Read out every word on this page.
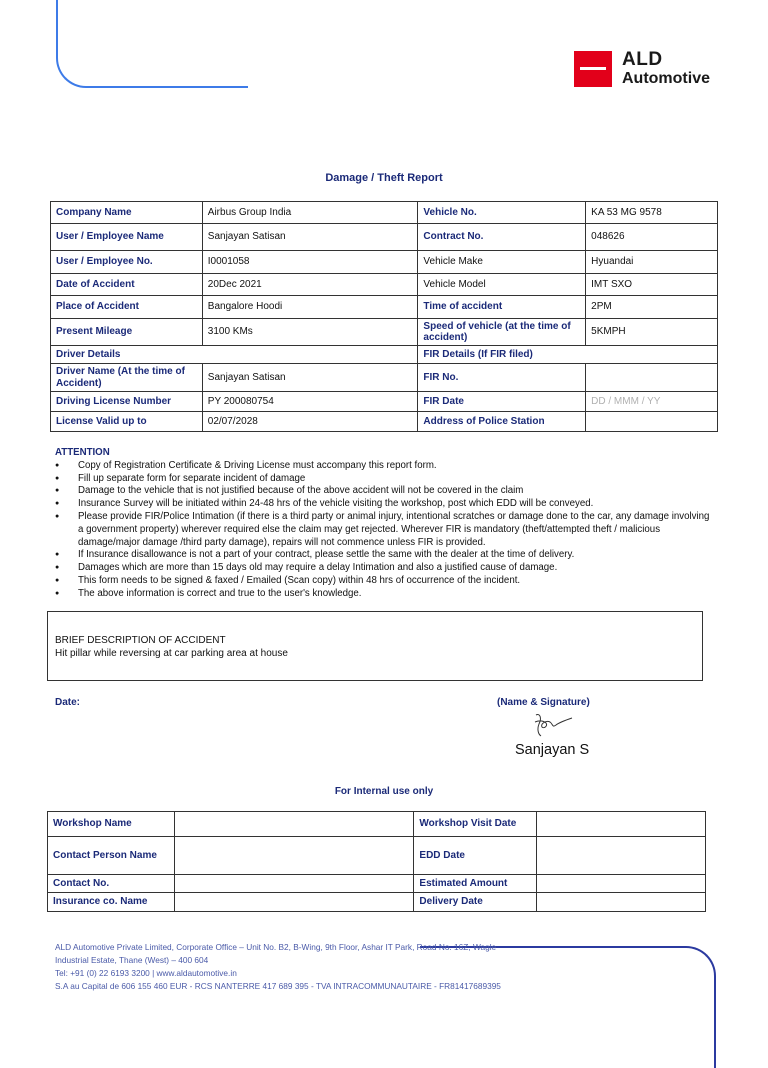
ALD
Automotive
Damage / Theft Report
Company Name	Airbus Group India	Vehicle No.	KA 53 MG 9578
User / Employee Name	Sanjayan Satisan	Contract No.	048626
User / Employee No.	I0001058	Vehicle Make	Hyuandai
Date of Accident	20Dec 2021	Vehicle Model	IMT SXO
Place of Accident	Bangalore Hoodi	Time of accident	2PM
Present Mileage	3100 KMs	Speed of vehicle (at the time of accident)	5KMPH
Driver Details		FIR Details (If FIR filed)	
Driver Name (At the time of Accident)	Sanjayan Satisan	FIR No.	
Driving License Number	PY 200080754	FIR Date	DD / MMM / YY
License Valid up to	02/07/2028	Address of Police Station	
ATTENTION
● Copy of Registration Certificate & Driving License must accompany this report form.
● Fill up separate form for separate incident of damage
● Damage to the vehicle that is not justified because of the above accident will not be covered in the claim
● Insurance Survey will be initiated within 24-48 hrs of the vehicle visiting the workshop, post which EDD will be conveyed.
● Please provide FIR/Police Intimation (if there is a third party or animal injury, intentional scratches or damage done to the car, any damage involving a government property) wherever required else the claim may get rejected. Wherever FIR is mandatory (theft/attempted theft / malicious damage/major damage /third party damage), repairs will not commence unless FIR is provided.
● If Insurance disallowance is not a part of your contract, please settle the same with the dealer at the time of delivery.
● Damages which are more than 15 days old may require a delay Intimation and also a justified cause of damage.
● This form needs to be signed & faxed / Emailed (Scan copy) within 48 hrs of occurrence of the incident.
● The above information is correct and true to the user's knowledge.
BRIEF DESCRIPTION OF ACCIDENT
Hit pillar while reversing at car parking area at house
Date:	(Name & Signature)
Sanjayan S
For Internal use only
Workshop Name		Workshop Visit Date	
Contact Person Name		EDD Date	
Contact No.		Estimated Amount	
Insurance co. Name		Delivery Date	
ALD Automotive Private Limited, Corporate Office – Unit No. B2, B-Wing, 9th Floor, Ashar IT Park, Road No. 16Z, Wagle
Industrial Estate, Thane (West) – 400 604
Tel: +91 (0) 22 6193 3200 | www.aldautomotive.in
S.A au Capital de 606 155 460 EUR - RCS NANTERRE 417 689 395 - TVA INTRACOMMUNAUTAIRE - FR81417689395
